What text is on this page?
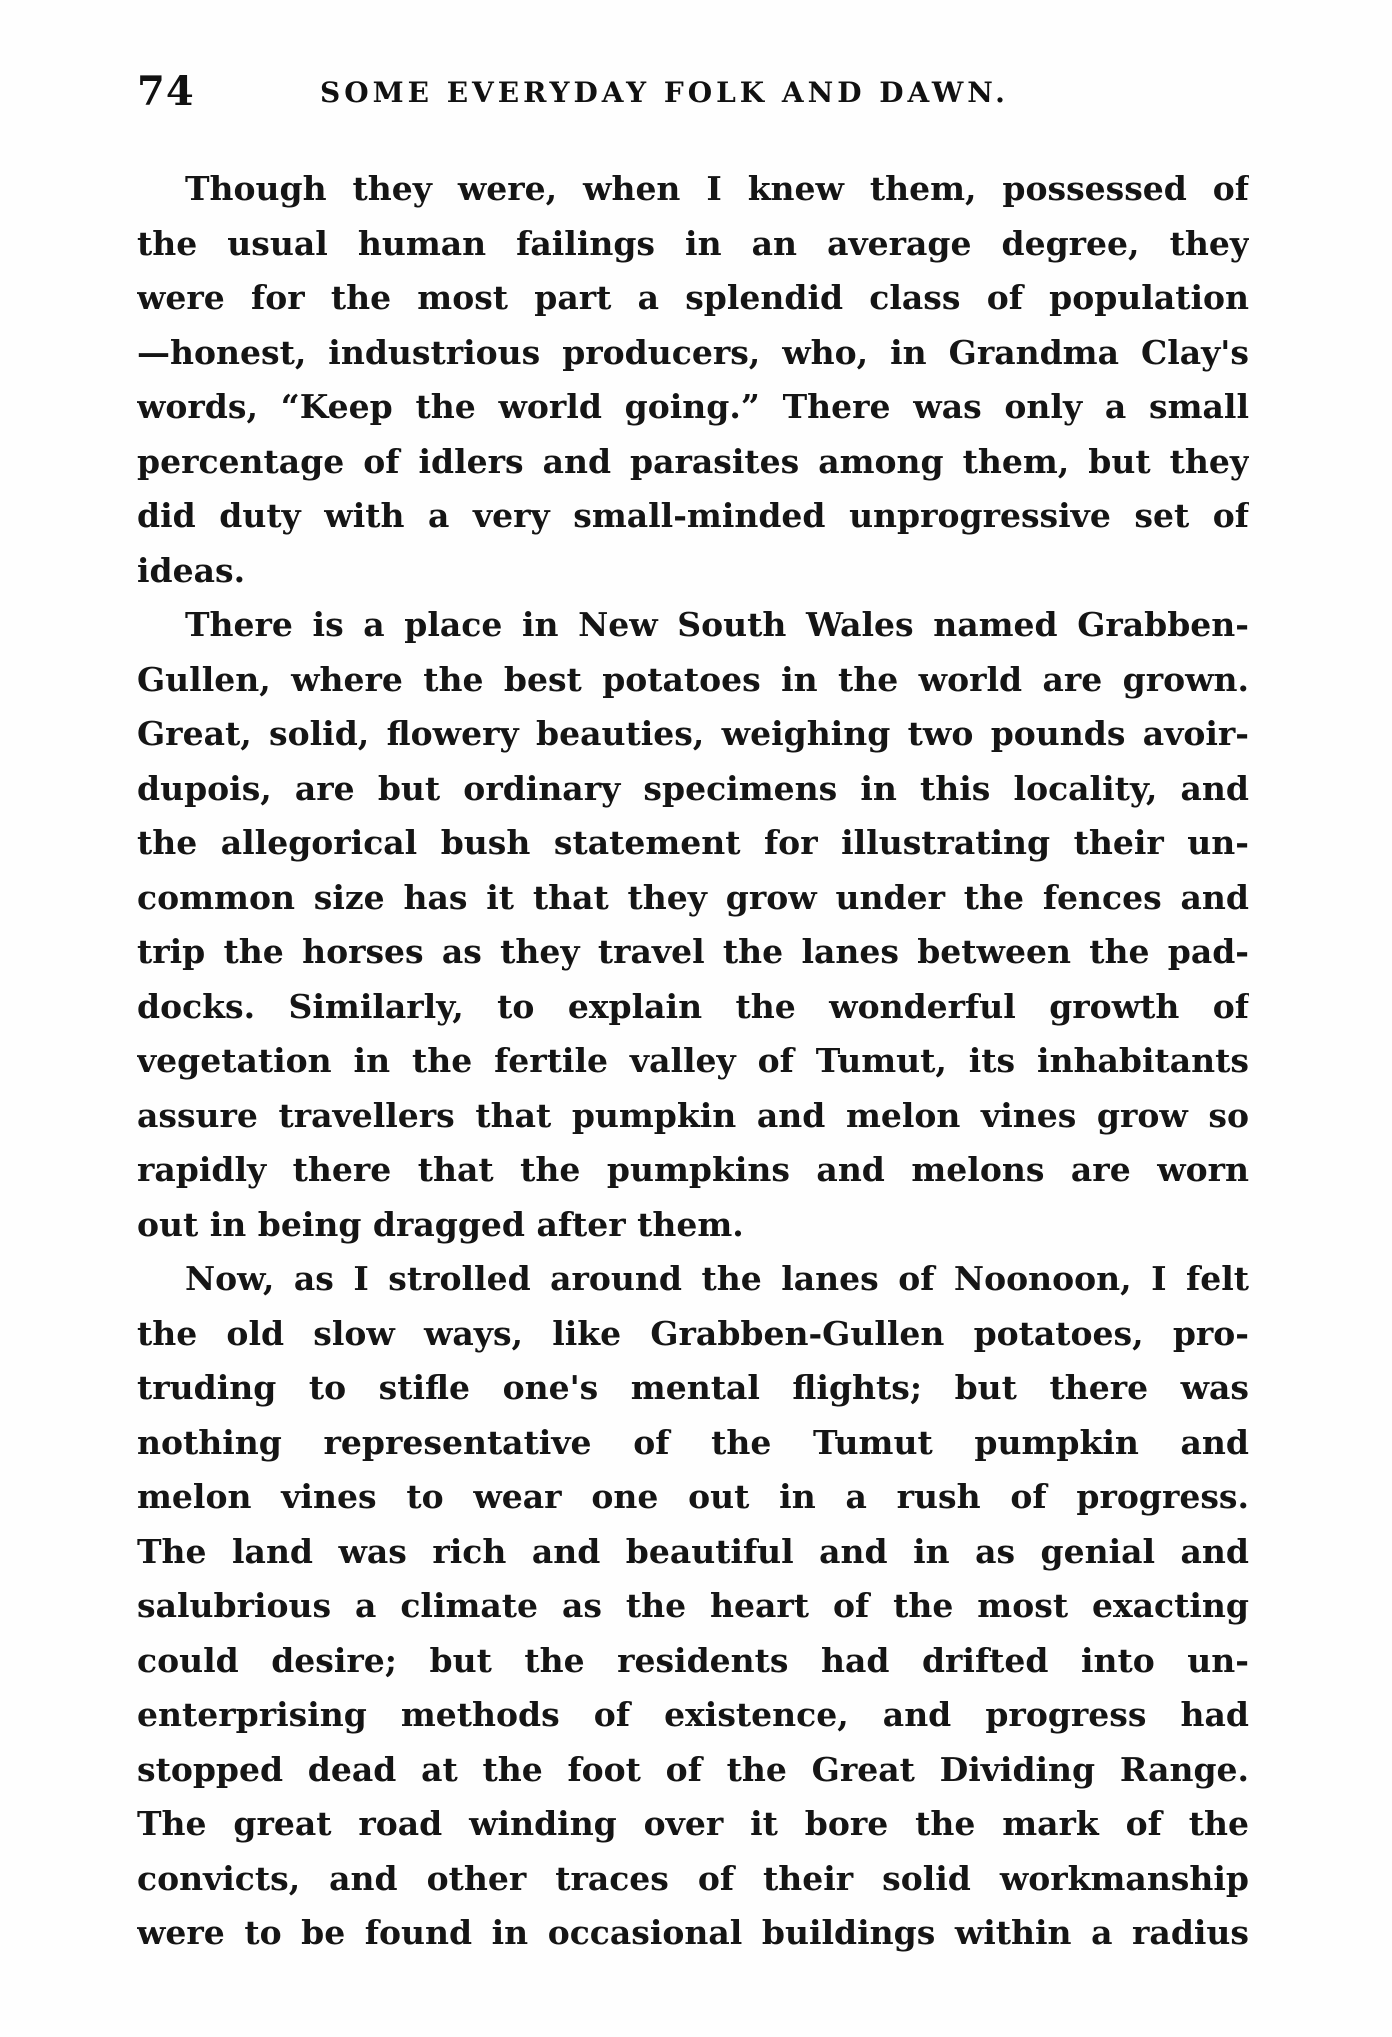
74	SOME EVERYDAY FOLK AND DAWN.
Though they were, when I knew them, possessed of
the usual human failings in an average degree, they
were for the most part a splendid class of population
—honest, industrious producers, who, in Grandma Clay's
words, “Keep the world going.” There was only a small
percentage of idlers and parasites among them, but they
did duty with a very small-minded unprogressive set of
ideas.
There is a place in New South Wales named Grabben-
Gullen, where the best potatoes in the world are grown.
Great, solid, flowery beauties, weighing two pounds avoir-
dupois, are but ordinary specimens in this locality, and
the allegorical bush statement for illustrating their un-
common size has it that they grow under the fences and
trip the horses as they travel the lanes between the pad-
docks. Similarly, to explain the wonderful growth of
vegetation in the fertile valley of Tumut, its inhabitants
assure travellers that pumpkin and melon vines grow so
rapidly there that the pumpkins and melons are worn
out in being dragged after them.
Now, as I strolled around the lanes of Noonoon, I felt
the old slow ways, like Grabben-Gullen potatoes, pro-
truding to stifle one's mental flights; but there was
nothing representative of the Tumut pumpkin and
melon vines to wear one out in a rush of progress.
The land was rich and beautiful and in as genial and
salubrious a climate as the heart of the most exacting
could desire; but the residents had drifted into un-
enterprising methods of existence, and progress had
stopped dead at the foot of the Great Dividing Range.
The great road winding over it bore the mark of the
convicts, and other traces of their solid workmanship
were to be found in occasional buildings within a radius
